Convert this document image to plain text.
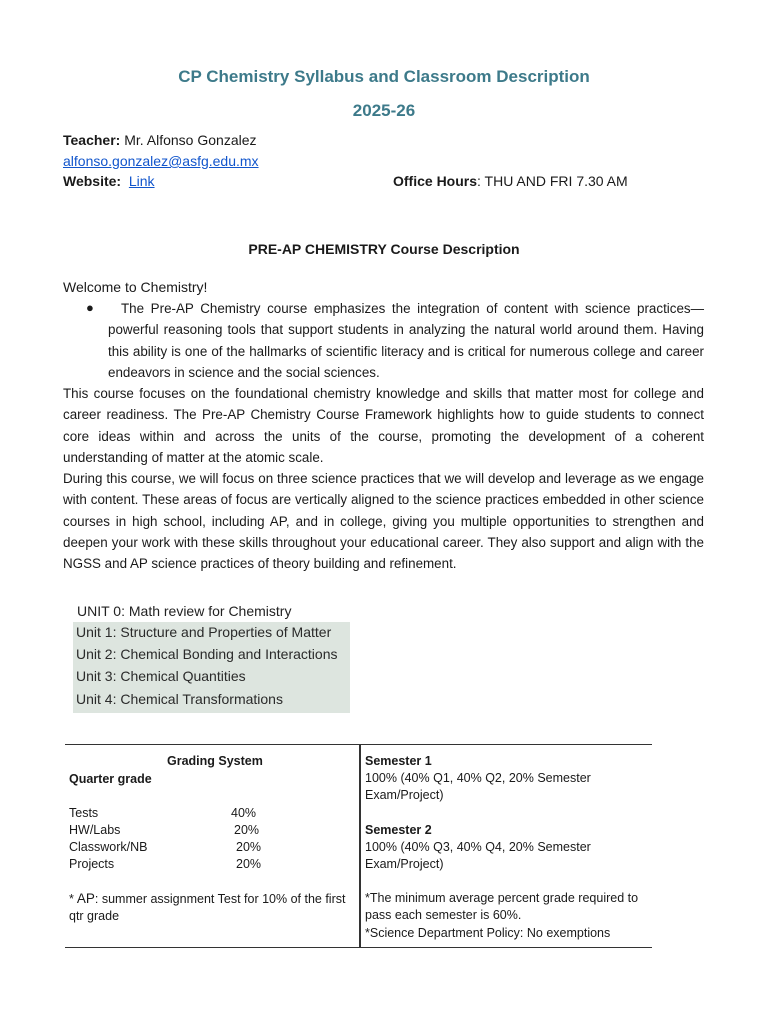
CP Chemistry Syllabus and Classroom Description
2025-26
Teacher: Mr. Alfonso Gonzalez
alfonso.gonzalez@asfg.edu.mx
Website: Link	Office Hours: THU AND FRI 7.30 AM
PRE-AP CHEMISTRY Course Description
Welcome to Chemistry!
●	The Pre-AP Chemistry course emphasizes the integration of content with science practices—powerful reasoning tools that support students in analyzing the natural world around them. Having this ability is one of the hallmarks of scientific literacy and is critical for numerous college and career endeavors in science and the social sciences.
This course focuses on the foundational chemistry knowledge and skills that matter most for college and career readiness. The Pre-AP Chemistry Course Framework highlights how to guide students to connect core ideas within and across the units of the course, promoting the development of a coherent understanding of matter at the atomic scale.
During this course, we will focus on three science practices that we will develop and leverage as we engage with content. These areas of focus are vertically aligned to the science practices embedded in other science courses in high school, including AP, and in college, giving you multiple opportunities to strengthen and deepen your work with these skills throughout your educational career. They also support and align with the NGSS and AP science practices of theory building and refinement.
UNIT 0: Math review for Chemistry
Unit 1: Structure and Properties of Matter
Unit 2: Chemical Bonding and Interactions
Unit 3: Chemical Quantities
Unit 4: Chemical Transformations
Grading System
Quarter grade
Tests	40%
HW/Labs	20%
Classwork/NB	20%
Projects	20%
* AP: summer assignment Test for 10% of the first qtr grade
Semester 1
100% (40% Q1, 40% Q2, 20% Semester Exam/Project)
Semester 2
100% (40% Q3, 40% Q4, 20% Semester Exam/Project)
*The minimum average percent grade required to pass each semester is 60%.
*Science Department Policy: No exemptions
